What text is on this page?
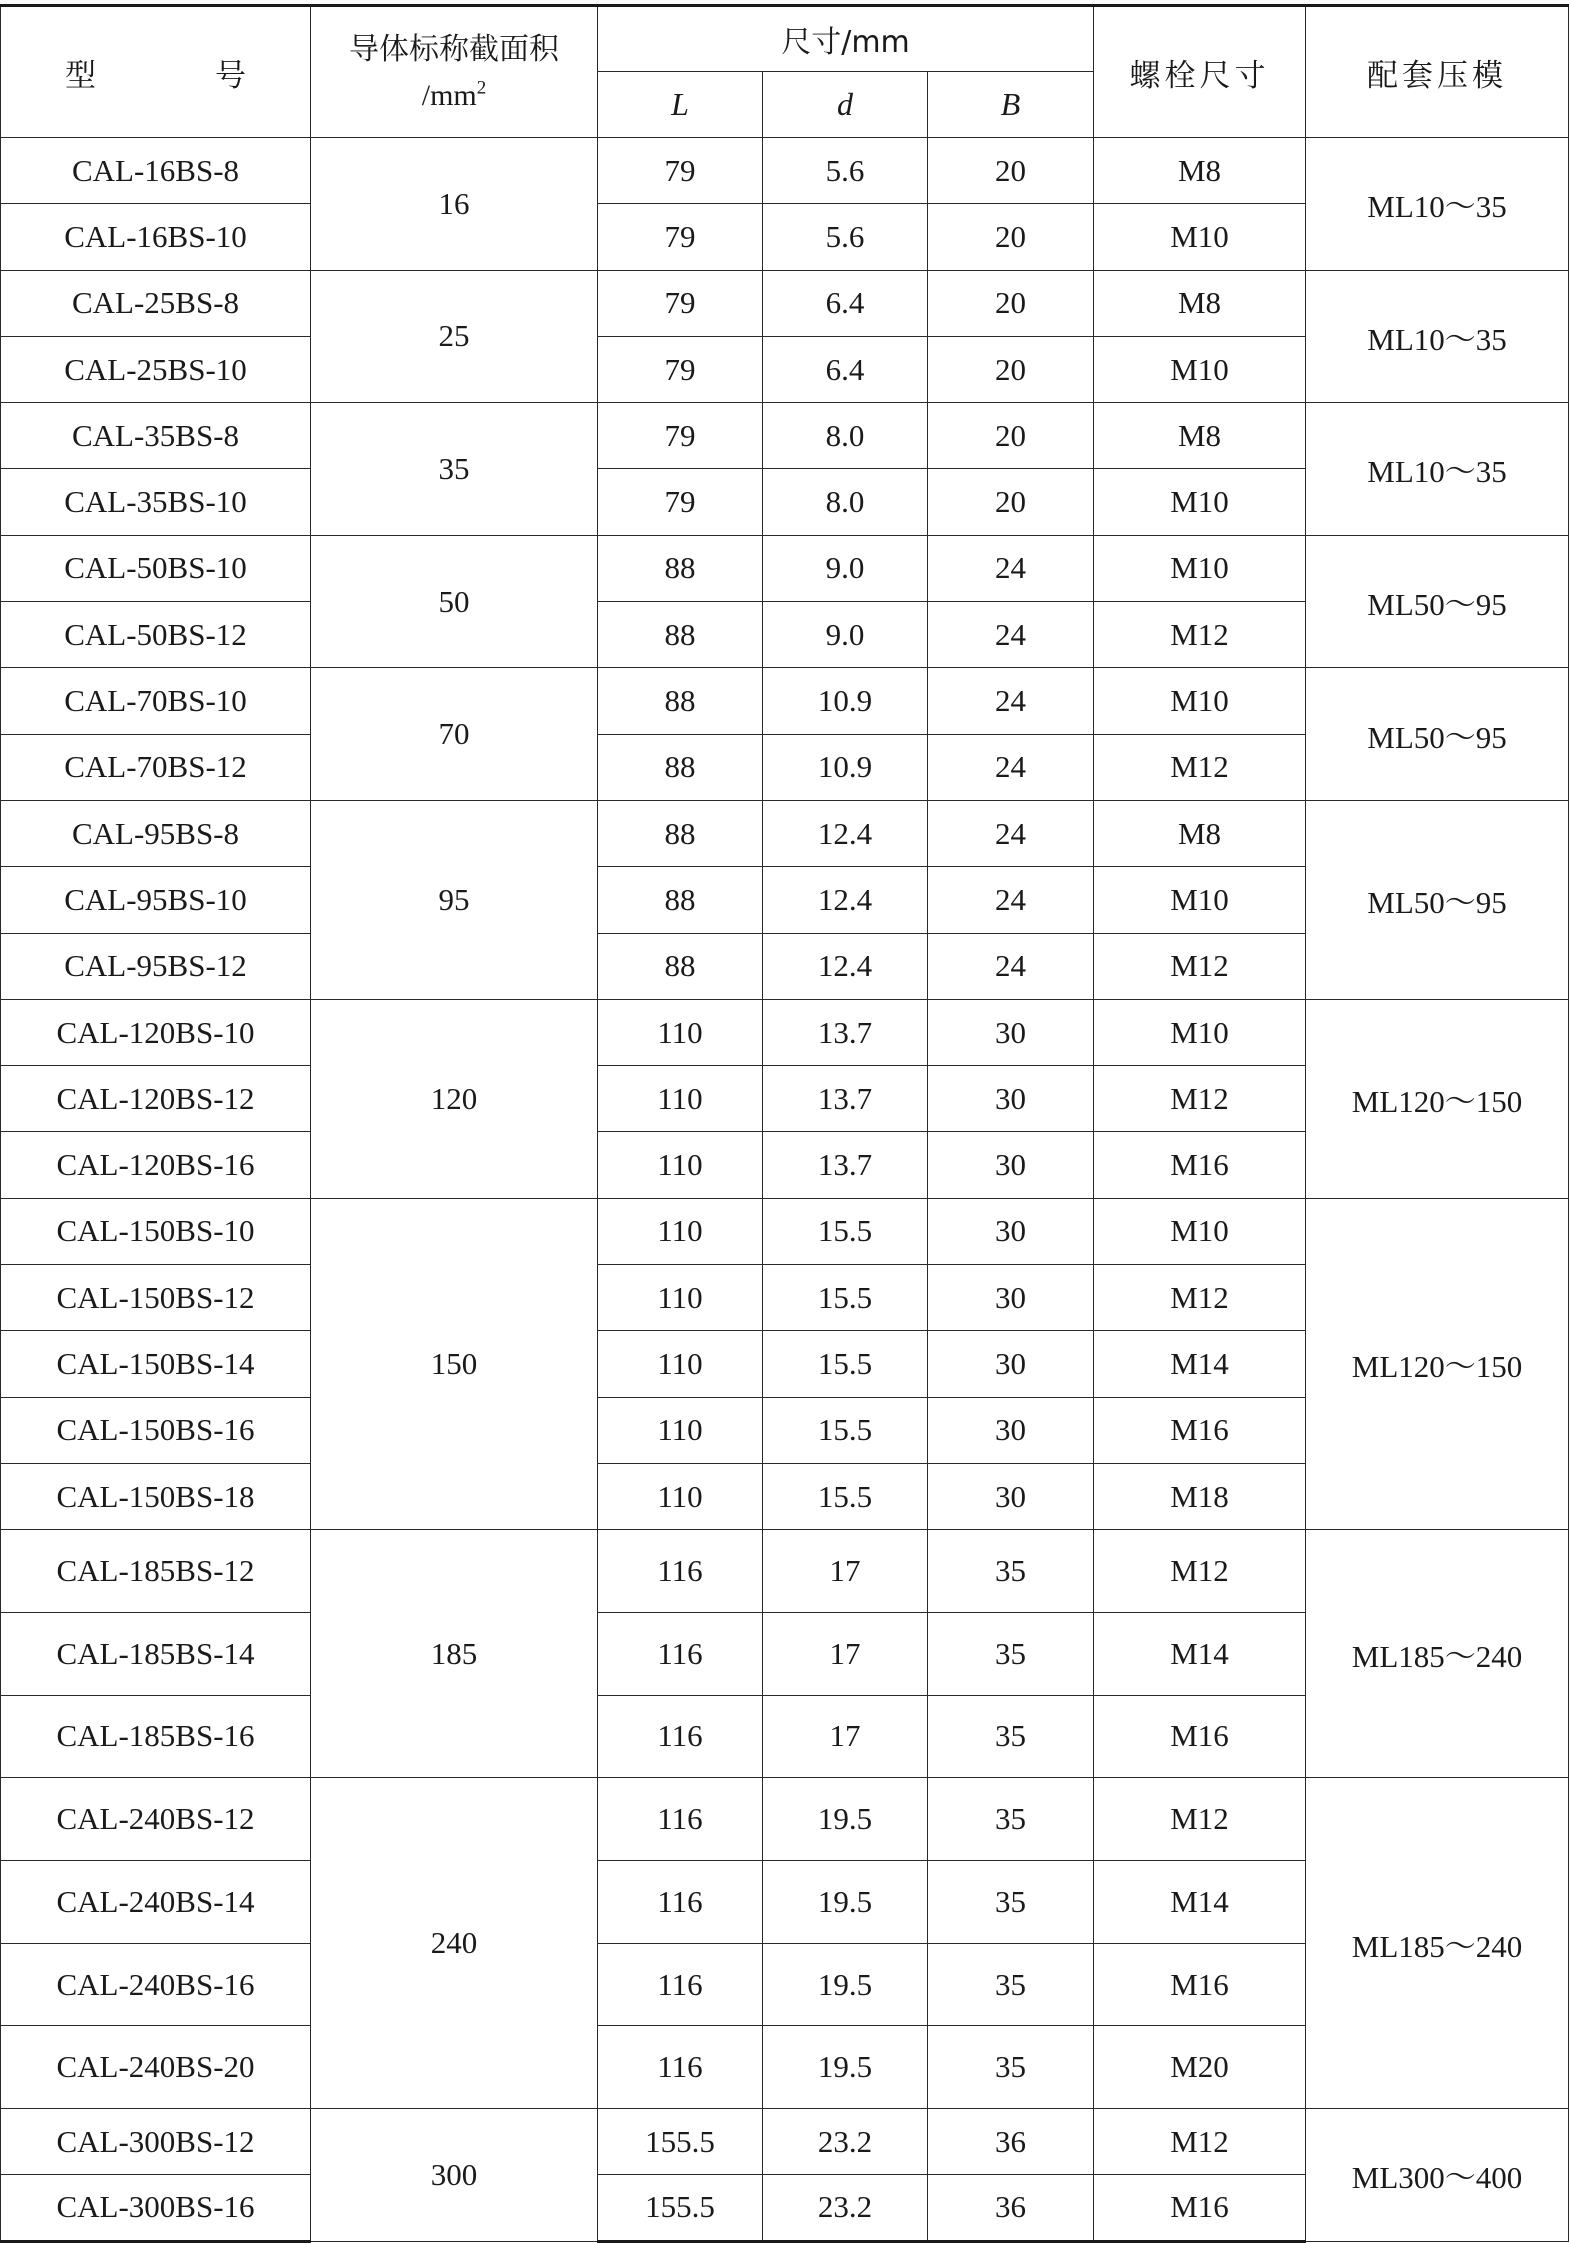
型　号	导体标称截面积
$/mm^2$	尺寸/mm			螺栓尺寸	配套压模
		L	d	B		
CAL-16BS-8	16	79	5.6	20	M8	ML10～35
CAL-16BS-10		79	5.6	20	M10	
CAL-25BS-8	25	79	6.4	20	M8	ML10～35
CAL-25BS-10		79	6.4	20	M10	
CAL-35BS-8	35	79	8.0	20	M8	ML10～35
CAL-35BS-10		79	8.0	20	M10	
CAL-50BS-10	50	88	9.0	24	M10	ML50～95
CAL-50BS-12		88	9.0	24	M12	
CAL-70BS-10	70	88	10.9	24	M10	ML50～95
CAL-70BS-12		88	10.9	24	M12	
CAL-95BS-8	95	88	12.4	24	M8	ML50～95
CAL-95BS-10		88	12.4	24	M10	
CAL-95BS-12		88	12.4	24	M12	
CAL-120BS-10	120	110	13.7	30	M10	ML120～150
CAL-120BS-12		110	13.7	30	M12	
CAL-120BS-16		110	13.7	30	M16	
CAL-150BS-10	150	110	15.5	30	M10	ML120～150
CAL-150BS-12		110	15.5	30	M12	
CAL-150BS-14		110	15.5	30	M14	
CAL-150BS-16		110	15.5	30	M16	
CAL-150BS-18		110	15.5	30	M18	
CAL-185BS-12	185	116	17	35	M12	ML185～240
CAL-185BS-14		116	17	35	M14	
CAL-185BS-16		116	17	35	M16	
CAL-240BS-12	240	116	19.5	35	M12	ML185～240
CAL-240BS-14		116	19.5	35	M14	
CAL-240BS-16		116	19.5	35	M16	
CAL-240BS-20		116	19.5	35	M20	
CAL-300BS-12	300	155.5	23.2	36	M12	ML300～400
CAL-300BS-16		155.5	23.2	36	M16	
